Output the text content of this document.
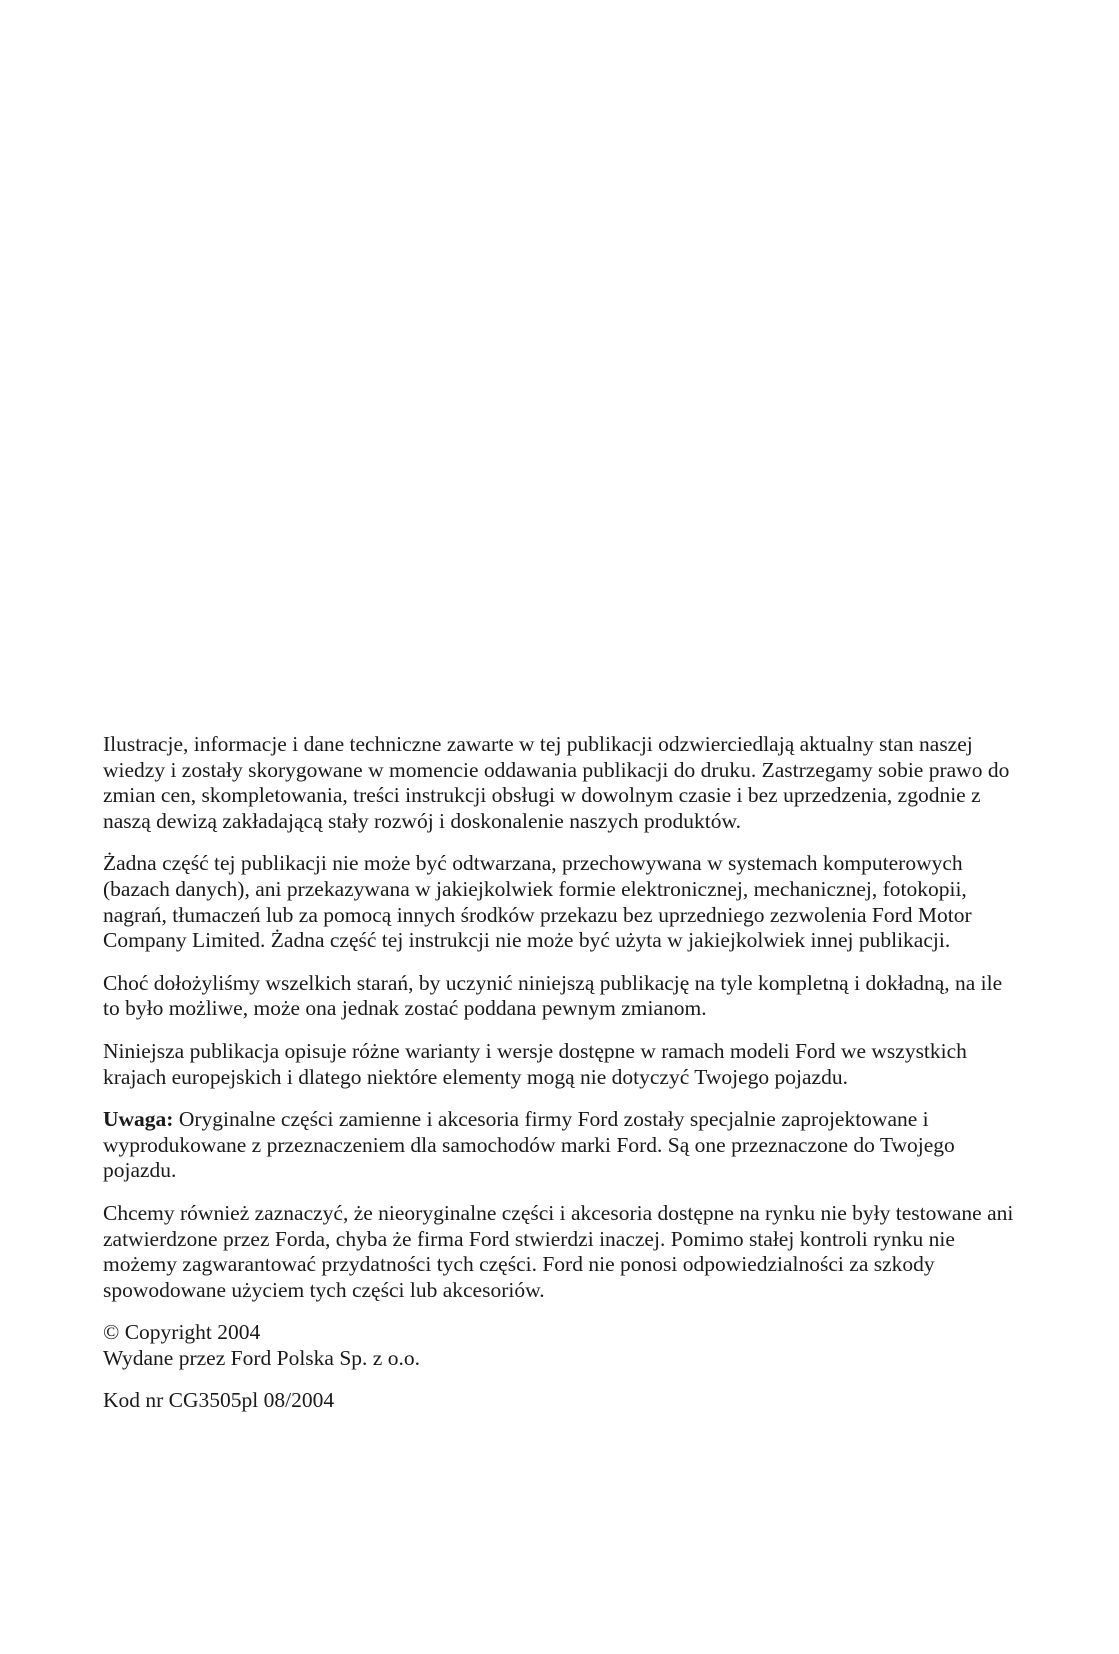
Ilustracje, informacje i dane techniczne zawarte w tej publikacji odzwierciedlają aktualny stan naszej wiedzy i zostały skorygowane w momencie oddawania publikacji do druku. Zastrzegamy sobie prawo do zmian cen, skompletowania, treści instrukcji obsługi w dowolnym czasie i bez uprzedzenia, zgodnie z naszą dewizą zakładającą stały rozwój i doskonalenie naszych produktów.

Żadna część tej publikacji nie może być odtwarzana, przechowywana w systemach komputerowych (bazach danych), ani przekazywana w jakiejkolwiek formie elektronicznej, mechanicznej, fotokopii, nagrań, tłumaczeń lub za pomocą innych środków przekazu bez uprzedniego zezwolenia Ford Motor Company Limited. Żadna część tej instrukcji nie może być użyta w jakiejkolwiek innej publikacji.

Choć dołożyliśmy wszelkich starań, by uczynić niniejszą publikację na tyle kompletną i dokładną, na ile to było możliwe, może ona jednak zostać poddana pewnym zmianom.

Niniejsza publikacja opisuje różne warianty i wersje dostępne w ramach modeli Ford we wszystkich krajach europejskich i dlatego niektóre elementy mogą nie dotyczyć Twojego pojazdu.

Uwaga: Oryginalne części zamienne i akcesoria firmy Ford zostały specjalnie zaprojektowane i wyprodukowane z przeznaczeniem dla samochodów marki Ford. Są one przeznaczone do Twojego pojazdu.

Chcemy również zaznaczyć, że nieoryginalne części i akcesoria dostępne na rynku nie były testowane ani zatwierdzone przez Forda, chyba że firma Ford stwierdzi inaczej. Pomimo stałej kontroli rynku nie możemy zagwarantować przydatności tych części. Ford nie ponosi odpowiedzialności za szkody spowodowane użyciem tych części lub akcesoriów.

© Copyright 2004

Wydane przez Ford Polska Sp. z o.o.

Kod nr CG3505pl 08/2004
